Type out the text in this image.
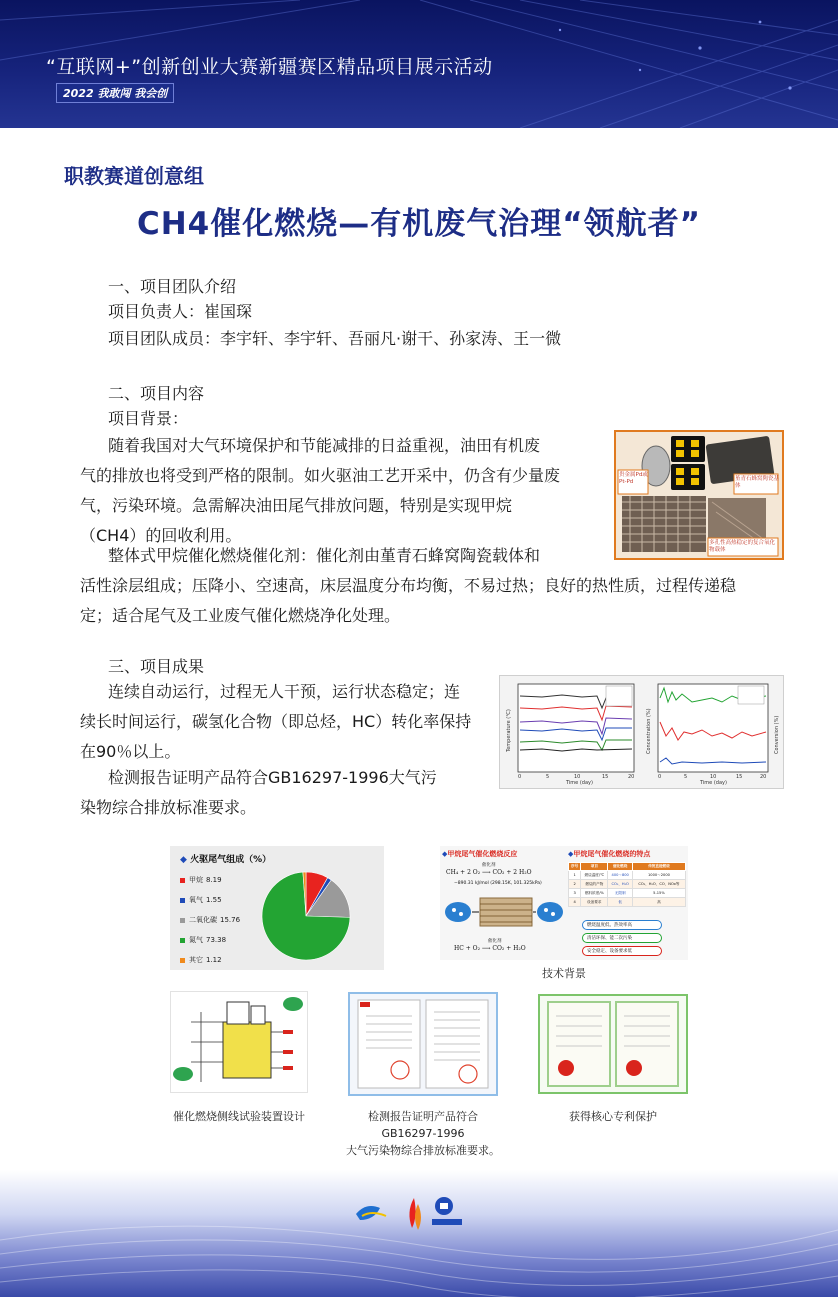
“互联网+”创新创业大赛新疆赛区精品项目展示活动
2022 我敢闯 我会创
职教赛道创意组
CH4催化燃烧—有机废气治理“领航者”
一、项目团队介绍
项目负责人：崔国琛
项目团队成员：李宇轩、李宇轩、吾丽凡·谢干、孙家涛、王一微
二、项目内容
项目背景：

随着我国对大气环境保护和节能减排的日益重视，油田有机废

气的排放也将受到严格的限制。如火驱油工艺开采中，仍含有少量废

气，污染环境。急需解决油田尾气排放问题，特别是实现甲烷

（CH4）的回收利用。

整体式甲烷催化燃烧催化剂：催化剂由堇青石蜂窝陶瓷载体和

活性涂层组成；压降小、空速高，床层温度分布均衡，不易过热；良好的热性质，过程传递稳

定；适合尾气及工业废气催化燃烧净化处理。

贵金属Pd或Pt-Pd	堇青石蜂窝陶瓷基体
多孔性高热稳定的复合氧化物载体
三、项目成果

连续自动运行，过程无人干预，运行状态稳定；连

续长时间运行，碳氢化合物（即总烃，HC）转化率保持

在90％以上。

检测报告证明产品符合GB16297-1996大气污

染物综合排放标准要求。

0	5	10	15	20
Time (day)
Temperature (℃)
0	5	10	15	20
Time (day)
Concentration (%)	Conversion (%)
◆ 火驱尾气组成（%）
甲烷 8.19
氧气 1.55
二氧化碳 15.76
氮气 73.38
其它 1.12
◆甲烷尾气催化燃烧反应	◆甲烷尾气催化燃烧的特点
催化剂
CH₄ + 2 O₂ ⟶ CO₂ + 2 H₂O
−890.31 kJ/mol (298.15K, 101.325kPa)
催化剂
HC + O₂ ⟶ CO₂ + H₂O
序号	项目	催化燃烧	传统直接燃烧
1	燃烧温度/℃	400～800	1000～2000
2	燃烧的产物	CO₂、H₂O	CO₂、H₂O、CO、NOx等
3	燃料浓度/%	无限制	5-15%
4	设备要求	低	高
燃烧温度低、热效率高
清洁环保、能二次污染
安全稳定、设备要求低
技术背景
催化燃烧侧线试验装置设计	检测报告证明产品符合
GB16297-1996
大气污染物综合排放标准要求。
获得核心专利保护
